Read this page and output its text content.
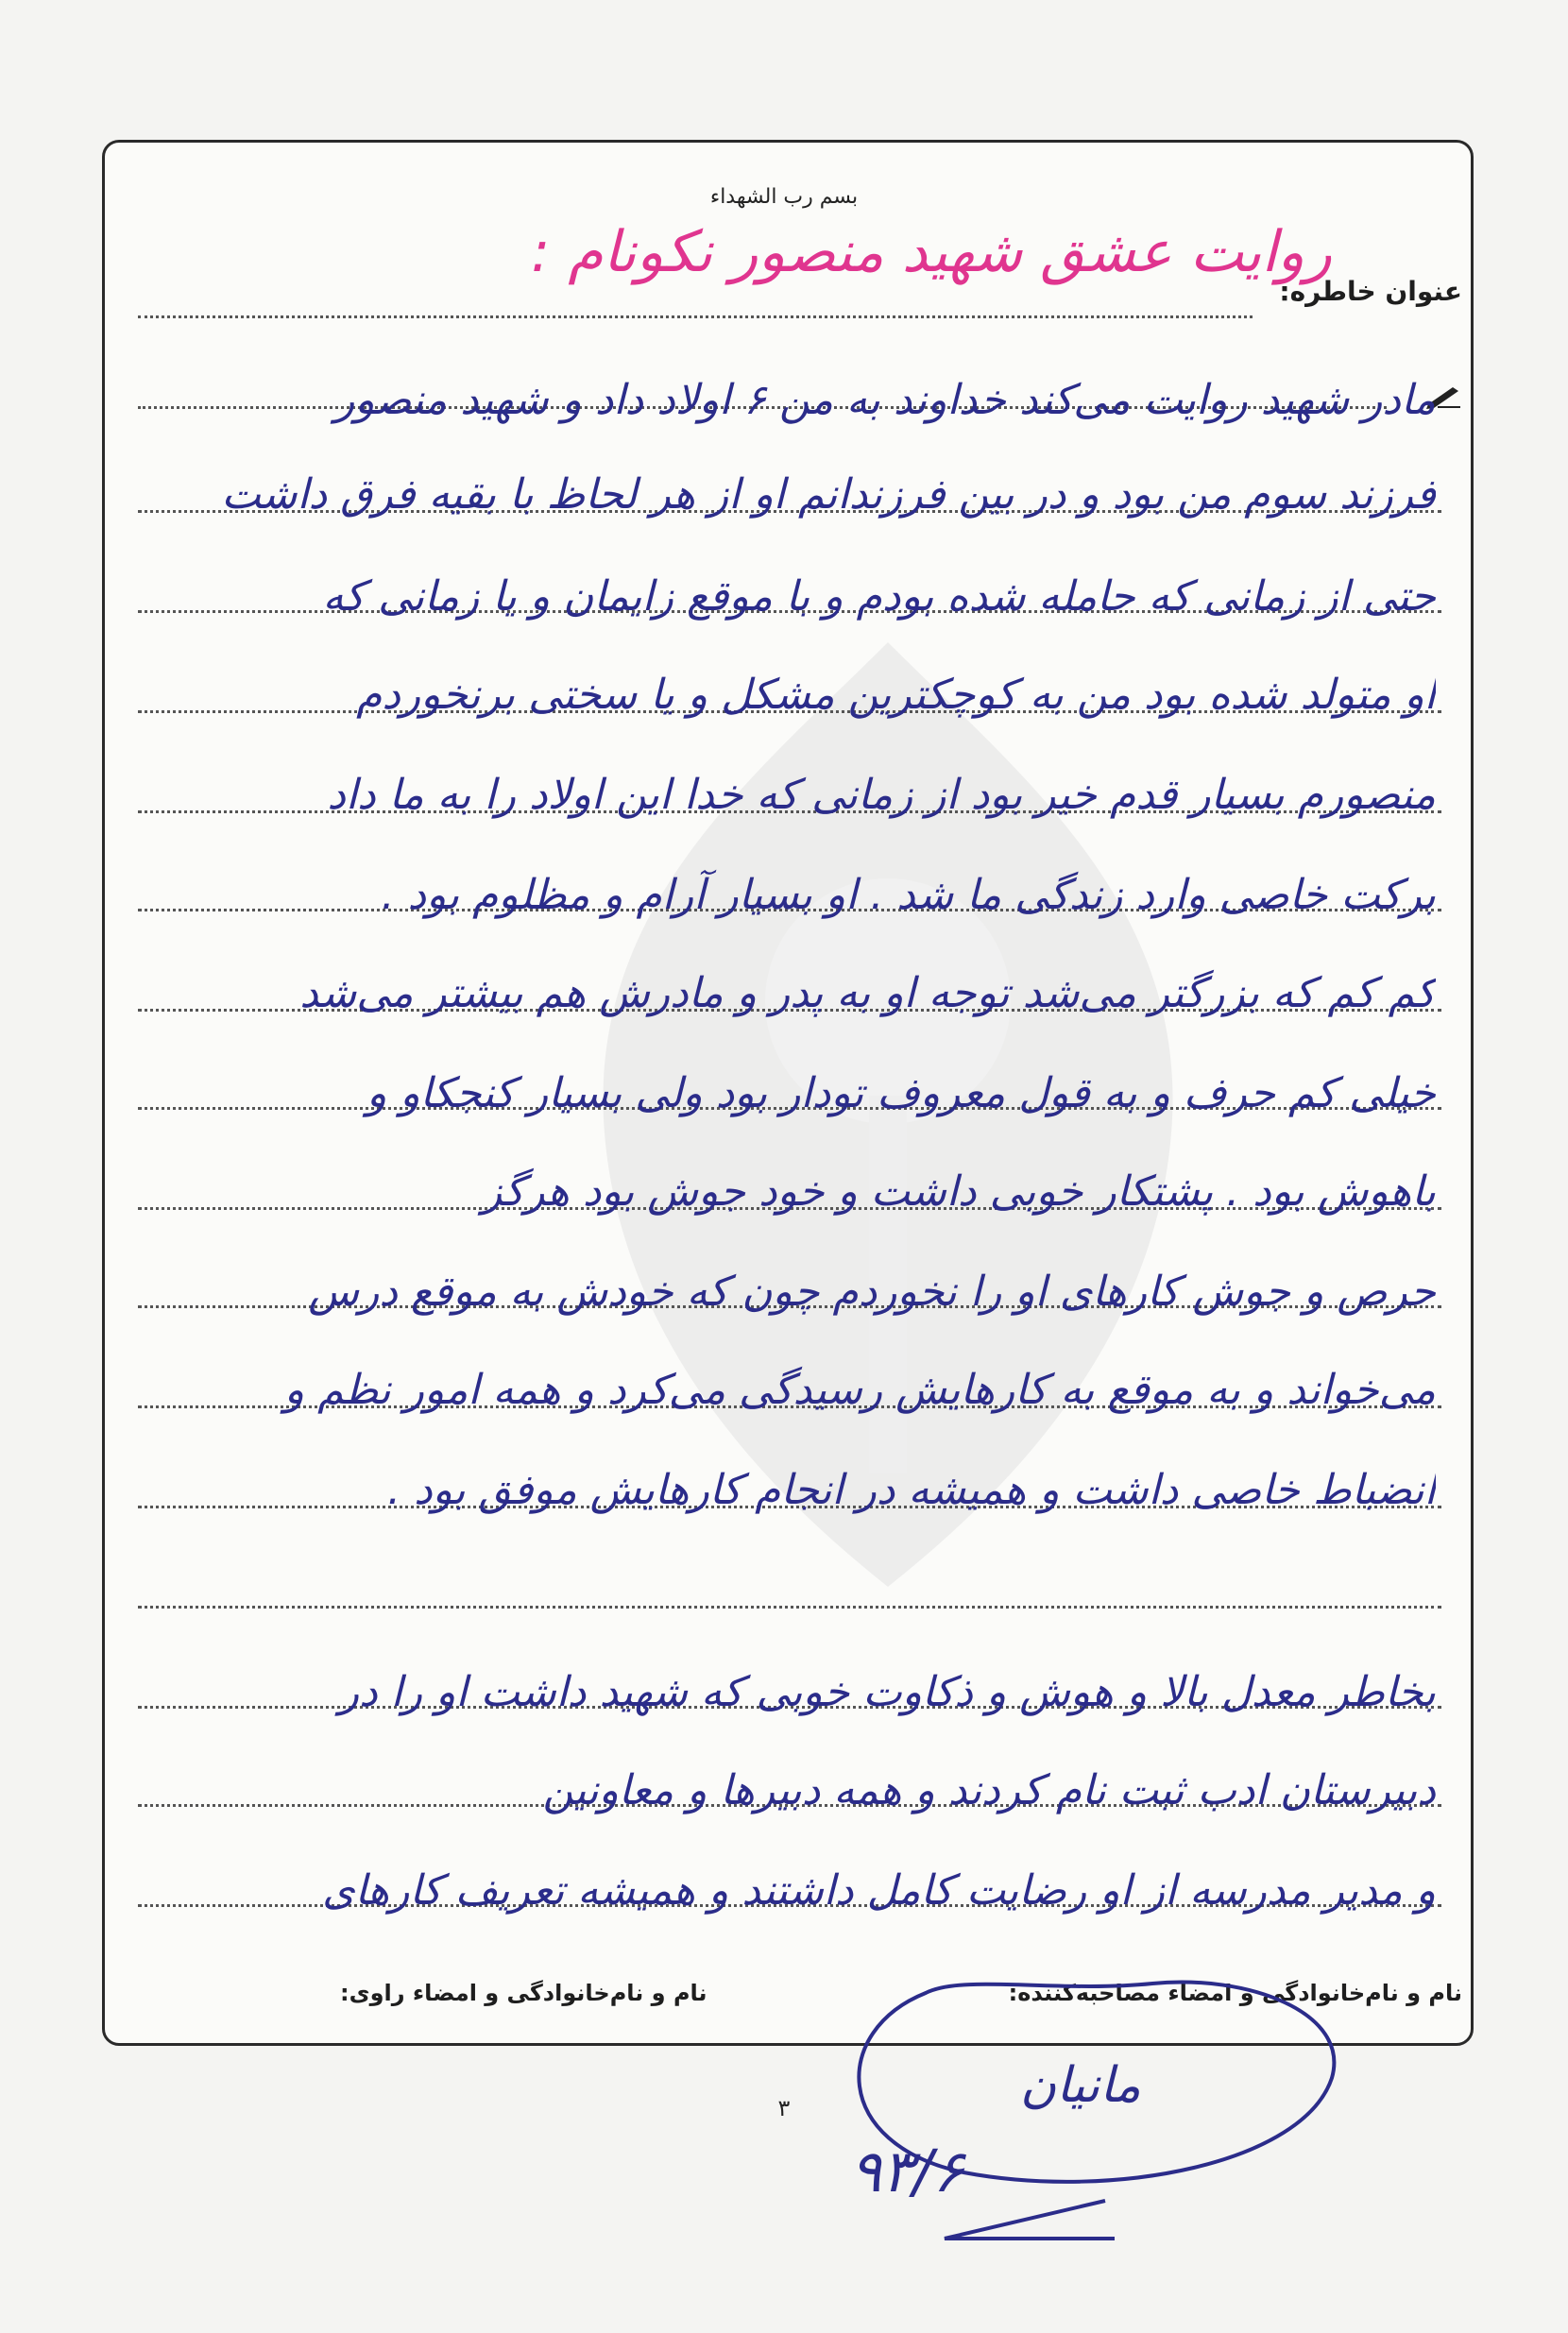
بسم رب الشهداء
عنوان خاطره:
روایت عشق شهید منصور نکونام :
مادر شهید روایت می‌کند خداوند به من ۶ اولاد داد و شهید منصور
فرزند سوم من بود و در بین فرزندانم او از هر لحاظ با بقیه فرق داشت
حتی از زمانی که حامله شده بودم و با موقع زایمان و یا زمانی که
او متولد شده بود من به کوچکترین مشکل و یا سختی برنخوردم
منصورم بسیار قدم خیر بود از زمانی که خدا این اولاد را به ما داد
برکت خاصی وارد زندگی ما شد . او بسیار آرام و مظلوم بود .
کم کم که بزرگتر می‌شد توجه او به پدر و مادرش هم بیشتر می‌شد
خیلی کم حرف و به قول معروف تودار بود ولی بسیار کنجکاو و
باهوش بود . پشتکار خوبی داشت و خود جوش بود هرگز
حرص و جوش کارهای او را نخوردم چون که خودش به موقع درس
می‌خواند و به موقع به کارهایش رسیدگی می‌کرد و همه امور نظم و
انضباط خاصی داشت و همیشه در انجام کارهایش موفق بود .
بخاطر معدل بالا و هوش و ذکاوت خوبی که شهید داشت او را در
دبیرستان ادب ثبت نام کردند و همه دبیرها و معاونین
و مدیر مدرسه از او رضایت کامل داشتند و همیشه تعریف کارهای
نام و نام‌خانوادگی و امضاء مصاحبه‌کننده:
نام و نام‌خانوادگی و امضاء راوی:
۳	مانیان
۹۳/۶
